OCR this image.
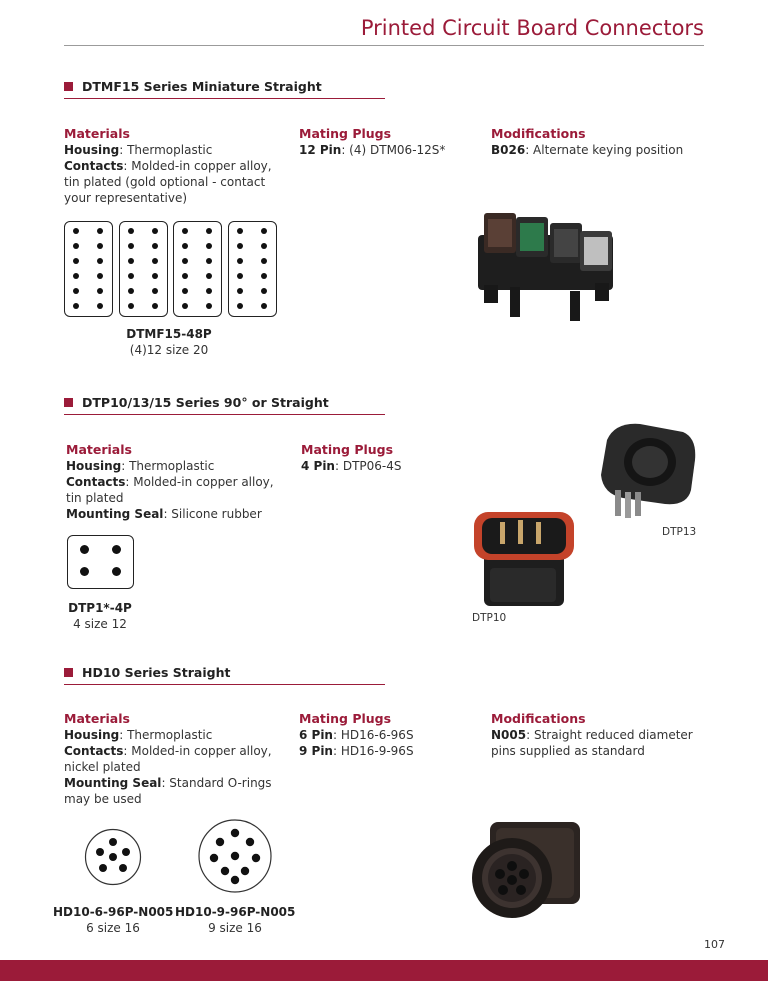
Printed Circuit Board Connectors
DTMF15 Series Miniature Straight
Materials
Housing: Thermoplastic
Contacts: Molded-in copper alloy, tin plated (gold optional - contact your representative)
Mating Plugs
12 Pin: (4) DTM06-12S*
Modifications
B026: Alternate keying position
DTMF15-48P
(4)12 size 20
DTP10/13/15 Series 90° or Straight
Materials
Housing: Thermoplastic
Contacts: Molded-in copper alloy, tin plated
Mounting Seal: Silicone rubber
Mating Plugs
4 Pin: DTP06-4S
DTP1*-4P
4 size 12
DTP13
DTP10
HD10 Series Straight
Materials
Housing: Thermoplastic
Contacts: Molded-in copper alloy, nickel plated
Mounting Seal: Standard O-rings may be used
Mating Plugs
6 Pin: HD16-6-96S
9 Pin: HD16-9-96S
Modifications
N005: Straight reduced diameter pins supplied as standard
HD10-6-96P-N005
6 size 16
HD10-9-96P-N005
9 size 16
107
